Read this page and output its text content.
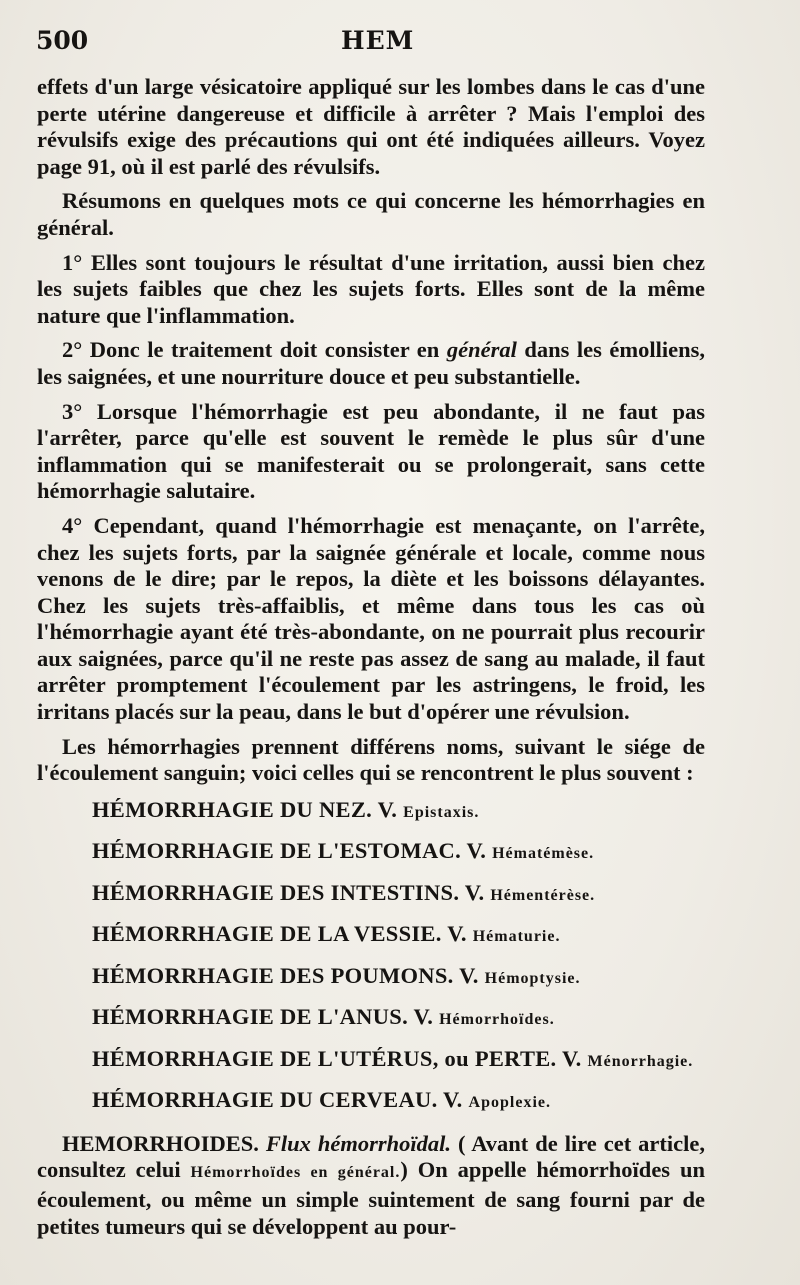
500	HEM

effets d'un large vésicatoire appliqué sur les lombes dans le cas d'une perte utérine dangereuse et difficile à arrêter ? Mais l'emploi des révulsifs exige des précautions qui ont été indiquées ailleurs. Voyez page 91, où il est parlé des révulsifs.

Résumons en quelques mots ce qui concerne les hémorrhagies en général.

1° Elles sont toujours le résultat d'une irritation, aussi bien chez les sujets faibles que chez les sujets forts. Elles sont de la même nature que l'inflammation.

2° Donc le traitement doit consister en général dans les émolliens, les saignées, et une nourriture douce et peu substantielle.

3° Lorsque l'hémorrhagie est peu abondante, il ne faut pas l'arrêter, parce qu'elle est souvent le remède le plus sûr d'une inflammation qui se manifesterait ou se prolongerait, sans cette hémorrhagie salutaire.

4° Cependant, quand l'hémorrhagie est menaçante, on l'arrête, chez les sujets forts, par la saignée générale et locale, comme nous venons de le dire; par le repos, la diète et les boissons délayantes. Chez les sujets très-affaiblis, et même dans tous les cas où l'hémorrhagie ayant été très-abondante, on ne pourrait plus recourir aux saignées, parce qu'il ne reste pas assez de sang au malade, il faut arrêter promptement l'écoulement par les astringens, le froid, les irritans placés sur la peau, dans le but d'opérer une révulsion.

Les hémorrhagies prennent différens noms, suivant le siége de l'écoulement sanguin; voici celles qui se rencontrent le plus souvent :

HÉMORRHAGIE DU NEZ. V. Epistaxis.

HÉMORRHAGIE DE L'ESTOMAC. V. Hématémèse.

HÉMORRHAGIE DES INTESTINS. V. Hémentérèse.

HÉMORRHAGIE DE LA VESSIE. V. Hématurie.

HÉMORRHAGIE DES POUMONS. V. Hémoptysie.

HÉMORRHAGIE DE L'ANUS. V. Hémorrhoïdes.

HÉMORRHAGIE DE L'UTÉRUS, ou PERTE. V. Ménorrhagie.

HÉMORRHAGIE DU CERVEAU. V. Apoplexie.

HEMORRHOIDES. Flux hémorrhoïdal. ( Avant de lire cet article, consultez celui Hémorrhoïdes en général.) On appelle hémorrhoïdes un écoulement, ou même un simple suintement de sang fourni par de petites tumeurs qui se développent au pour-
